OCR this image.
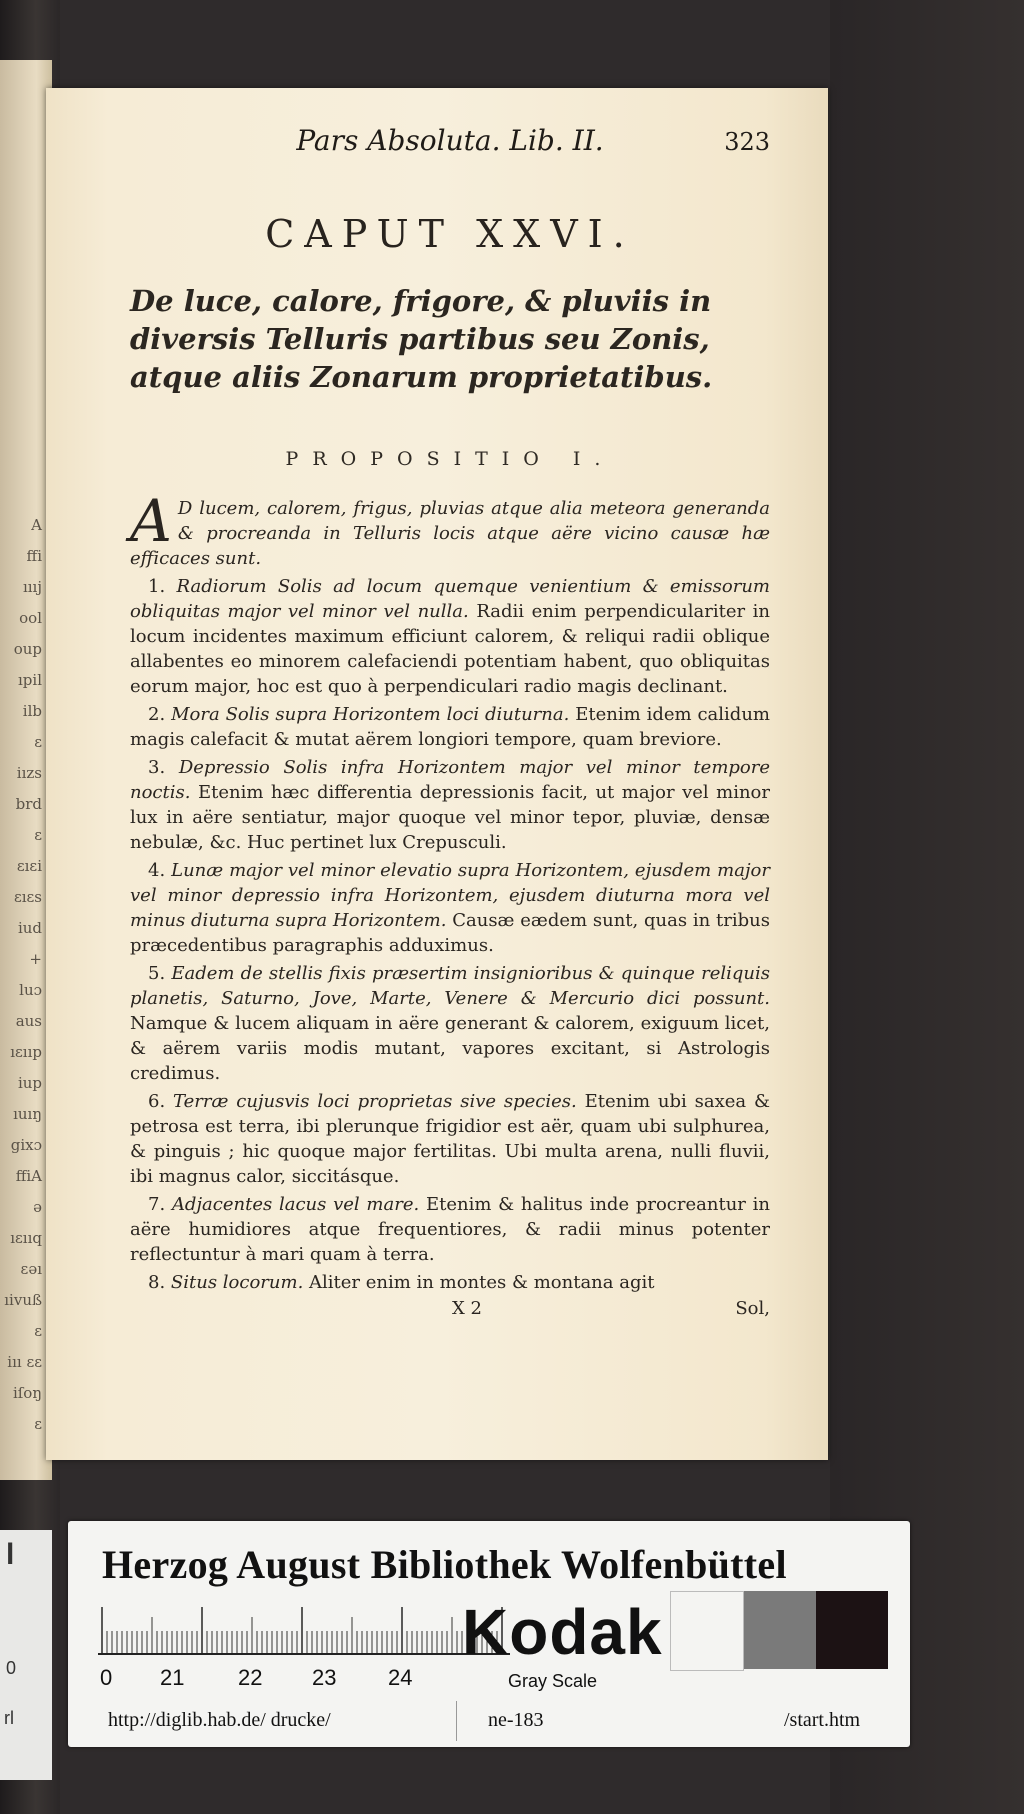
A
ffi
ıııj
ool
oup
ıpil
ilb
ɛ
iızs
brd
ɛ
ɛıɛi
ɛıɛs
iud
+
luɔ
aus
ıɛııp
iup
ıuıŋ
gixɔ
ffiA
ə
ıɛııq
ɛəı
ıivuß
ɛ
iıı ɛɛ
iſoŋ
ɛ
l
0
rl
Pars Absoluta. Lib. II.	323
CAPUT XXVI.
De luce, calore, frigore, & pluviis in diversis Telluris partibus seu Zonis, atque aliis Zonarum proprietatibus.
PROPOSITIO I.

A D lucem, calorem, frigus, pluvias atque alia meteora generanda & procreanda in Telluris locis atque aëre vicino causæ hæ efficaces sunt.

1. Radiorum Solis ad locum quemque venientium & emissorum obliquitas major vel minor vel nulla. Radii enim perpendiculariter in locum incidentes maximum efficiunt calorem, & reliqui radii oblique allabentes eo minorem calefaciendi potentiam habent, quo obliquitas eorum major, hoc est quo à perpendiculari radio magis declinant.

2. Mora Solis supra Horizontem loci diuturna. Etenim idem calidum magis calefacit & mutat aërem longiori tempore, quam breviore.

3. Depressio Solis infra Horizontem major vel minor tempore noctis. Etenim hæc differentia depressionis facit, ut major vel minor lux in aëre sentiatur, major quoque vel minor tepor, pluviæ, densæ nebulæ, &c. Huc pertinet lux Crepusculi.

4. Lunæ major vel minor elevatio supra Horizontem, ejusdem major vel minor depressio infra Horizontem, ejusdem diuturna mora vel minus diuturna supra Horizontem. Causæ eædem sunt, quas in tribus præcedentibus paragraphis adduximus.

5. Eadem de stellis fixis præsertim insignioribus & quinque reliquis planetis, Saturno, Jove, Marte, Venere & Mercurio dici possunt. Namque & lucem aliquam in aëre generant & calorem, exiguum licet, & aërem variis modis mutant, vapores excitant, si Astrologis credimus.

6. Terræ cujusvis loci proprietas sive species. Etenim ubi saxea & petrosa est terra, ibi plerunque frigidior est aër, quam ubi sulphurea, & pinguis ; hic quoque major fertilitas. Ubi multa arena, nulli fluvii, ibi magnus calor, siccitásque.

7. Adjacentes lacus vel mare. Etenim & halitus inde procreantur in aëre humidiores atque frequentiores, & radii minus potenter reflectuntur à mari quam à terra.

8. Situs locorum. Aliter enim in montes & montana agit

X 2	Sol,
Herzog August Bibliothek Wolfenbüttel
0 21 22 23 24
Kodak
Gray Scale
http://diglib.hab.de/ drucke/	ne-183	/start.htm
